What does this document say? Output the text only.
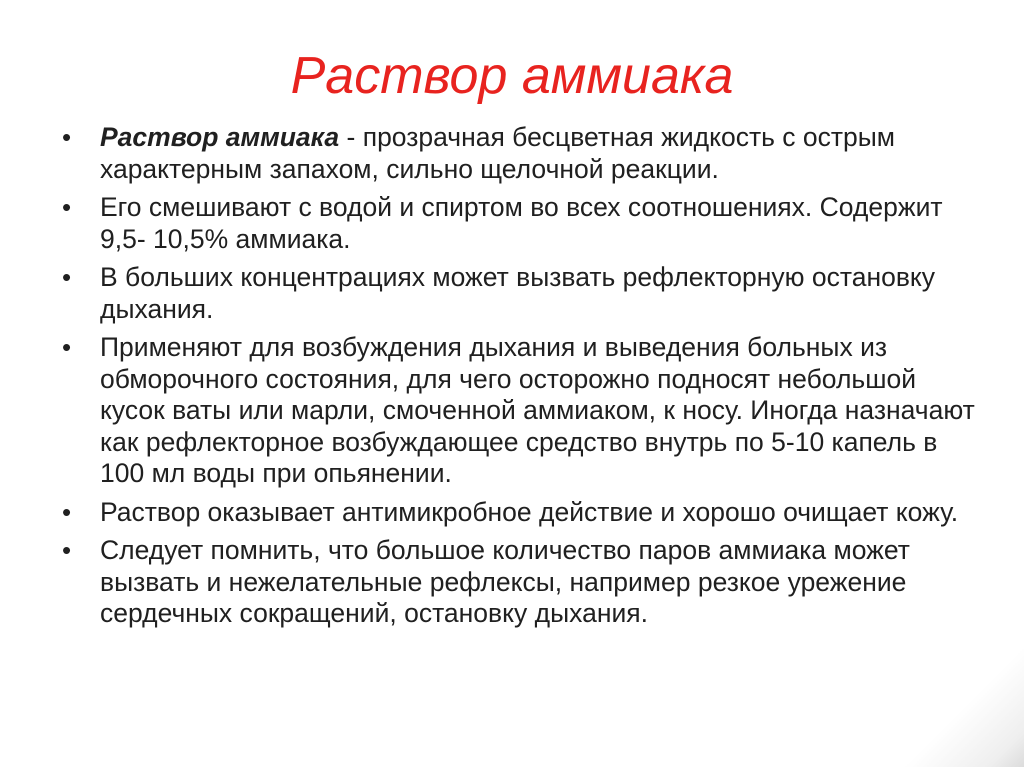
Раствор аммиака
•	Раствор аммиака - прозрачная бесцветная жидкость с острым характерным запахом, сильно щелочной реакции.
•	Его смешивают с водой и спиртом во всех соотношениях. Содержит 9,5- 10,5% аммиака.
•	В больших концентрациях может вызвать рефлекторную остановку дыхания.
•	Применяют для возбуждения дыхания и выведения больных из обморочного состояния, для чего осторожно подносят небольшой кусок ваты или марли, смоченной аммиаком, к носу. Иногда назначают как рефлекторное возбуждающее средство внутрь по 5-10 капель в 100 мл воды при опьянении.
•	Раствор оказывает антимикробное действие и хорошо очищает кожу.
•	Следует помнить, что большое количество паров аммиака может вызвать и нежелательные рефлексы, например резкое урежение сердечных сокращений, остановку дыхания.
